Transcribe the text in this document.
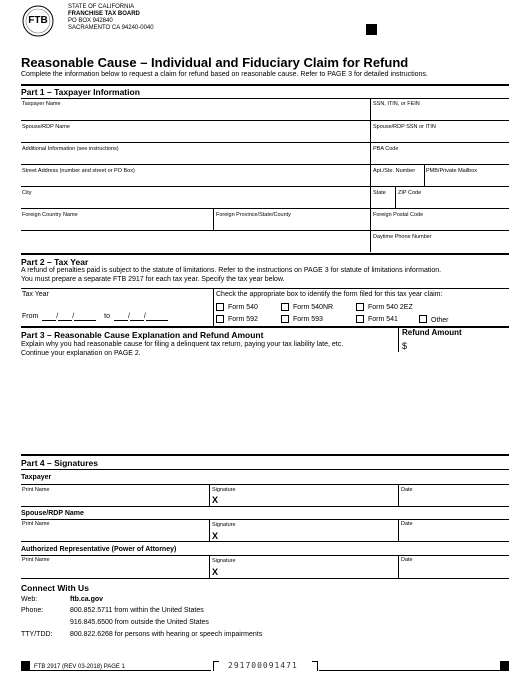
FTB
STATE OF CALIFORNIA
FRANCHISE TAX BOARD
PO BOX 942840
SACRAMENTO CA 94240-0040
Reasonable Cause – Individual and Fiduciary Claim for Refund
Complete the information below to request a claim for refund based on reasonable cause. Refer to PAGE 3 for detailed instructions.
Part 1 – Taxpayer Information
Taxpayer Name	SSN, ITIN, or FEIN
Spouse/RDP Name	Spouse/RDP SSN or ITIN
Additional Information (see instructions)	PBA Code
Street Address (number and street or PO Box)	Apt./Ste. Number PMB/Private Mailbox
City	State ZIP Code
Foreign Country Name	Foreign Province/State/County	Foreign Postal Code
Daytime Phone Number
Part 2 – Tax Year
A refund of penalties paid is subject to the statute of limitations. Refer to the instructions on PAGE 3 for statute of limitations information.
You must prepare a separate FTB 2917 for each tax year. Specify the tax year below.
Tax Year
From	/ /	to	/ /
Check the appropriate box to identify the form filed for this tax year claim:
Form 540	Form 540NR	Form 540 2EZ
Form 592	Form 593	Form 541	Other
Part 3 – Reasonable Cause Explanation and Refund Amount
Explain why you had reasonable cause for filing a delinquent tax return, paying your tax liability late, etc.
Continue your explanation on PAGE 2.
Refund Amount
$
Part 4 – Signatures
Taxpayer
Print Name	Signature	Date
X
Spouse/RDP Name
Print Name	Signature	Date
X
Authorized Representative (Power of Attorney)
Print Name	Signature	Date
X
Connect With Us
Web:	ftb.ca.gov
Phone:	800.852.5711 from within the United States
916.845.6500 from outside the United States
TTY/TDD:	800.822.6268 for persons with hearing or speech impairments
FTB 2917 (REV 03-2018) PAGE 1	291700091471
